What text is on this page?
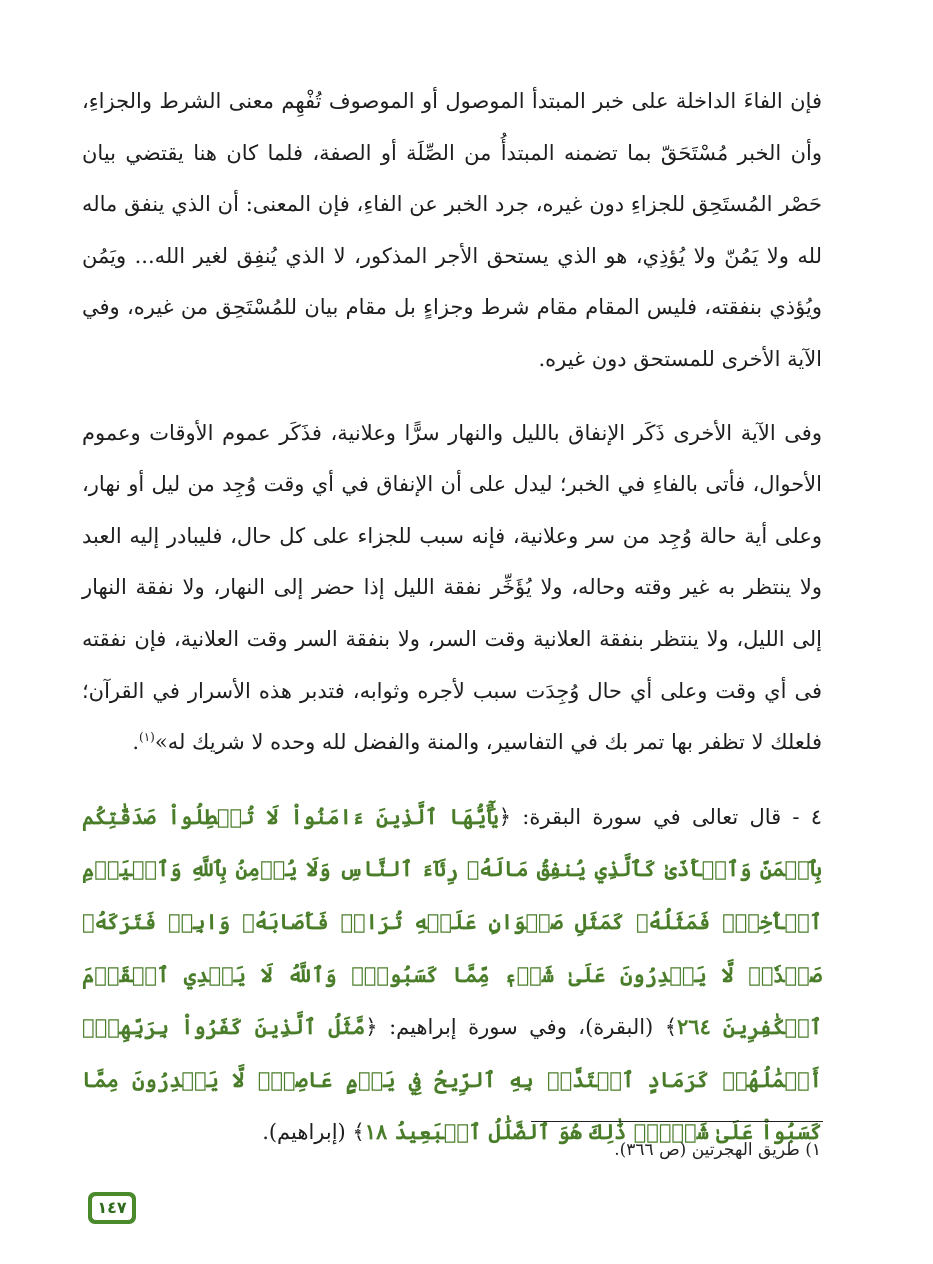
فإن الفاءَ الداخلة على خبر المبتدأ الموصول أو الموصوف تُفْهِم معنى الشرط والجزاءِ، وأن الخبر مُسْتَحَقّ بما تضمنه المبتدأُ من الصِّلَة أو الصفة، فلما كان هنا يقتضي بيان حَصْر المُستَحِق للجزاءِ دون غيره، جرد الخبر عن الفاءِ، فإن المعنى: أن الذي ينفق ماله لله ولا يَمُنّ ولا يُؤذِي، هو الذي يستحق الأجر المذكور، لا الذي يُنفِق لغير الله... ويَمُن ويُؤذي بنفقته، فليس المقام مقام شرط وجزاءٍ بل مقام بيان للمُسْتَحِق من غيره، وفي الآية الأخرى للمستحق دون غيره.

وفى الآية الأخرى ذَكَر الإنفاق بالليل والنهار سرًّا وعلانية، فذَكَر عموم الأوقات وعموم الأحوال، فأتى بالفاءِ في الخبر؛ ليدل على أن الإنفاق في أي وقت وُجِد من ليل أو نهار، وعلى أية حالة وُجِد من سر وعلانية، فإنه سبب للجزاء على كل حال، فليبادر إليه العبد ولا ينتظر به غير وقته وحاله، ولا يُؤَخِّر نفقة الليل إذا حضر إلى النهار، ولا نفقة النهار إلى الليل، ولا ينتظر بنفقة العلانية وقت السر، ولا بنفقة السر وقت العلانية، فإن نفقته فى أي وقت وعلى أي حال وُجِدَت سبب لأجره وثوابه، فتدبر هذه الأسرار في القرآن؛ فلعلك لا تظفر بها تمر بك في التفاسير، والمنة والفضل لله وحده لا شريك له»$^{(١)}$.

٤ - قال تعالى في سورة البقرة: ﴿يَٰٓأَيُّهَا ٱلَّذِينَ ءَامَنُواْ لَا تُبۡطِلُواْ صَدَقَٰتِكُم بِٱلۡمَنِّ وَٱلۡأَذَىٰ كَٱلَّذِي يُنفِقُ مَالَهُۥ رِئَآءَ ٱلنَّاسِ وَلَا يُؤۡمِنُ بِٱللَّهِ وَٱلۡيَوۡمِ ٱلۡأٓخِرِۖ فَمَثَلُهُۥ كَمَثَلِ صَفۡوَانٍ عَلَيۡهِ تُرَابٞ فَأَصَابَهُۥ وَابِلٞ فَتَرَكَهُۥ صَلۡدٗاۖ لَّا يَقۡدِرُونَ عَلَىٰ شَيۡءٖ مِّمَّا كَسَبُواْۗ وَٱللَّهُ لَا يَهۡدِي ٱلۡقَوۡمَ ٱلۡكَٰفِرِينَ ٢٦٤﴾ (البقرة)، وفي سورة إبراهيم: ﴿مَّثَلُ ٱلَّذِينَ كَفَرُواْ بِرَبِّهِمۡۖ أَعۡمَٰلُهُمۡ كَرَمَادٍ ٱشۡتَدَّتۡ بِهِ ٱلرِّيحُ فِي يَوۡمٍ عَاصِفٖۖ لَّا يَقۡدِرُونَ مِمَّا كَسَبُواْ عَلَىٰ شَيۡءٖۚ ذَٰلِكَ هُوَ ٱلضَّلَٰلُ ٱلۡبَعِيدُ ١٨﴾ (إبراهيم).

١) طريق الهجرتين (ص ٣٦٦).
١٤٧
